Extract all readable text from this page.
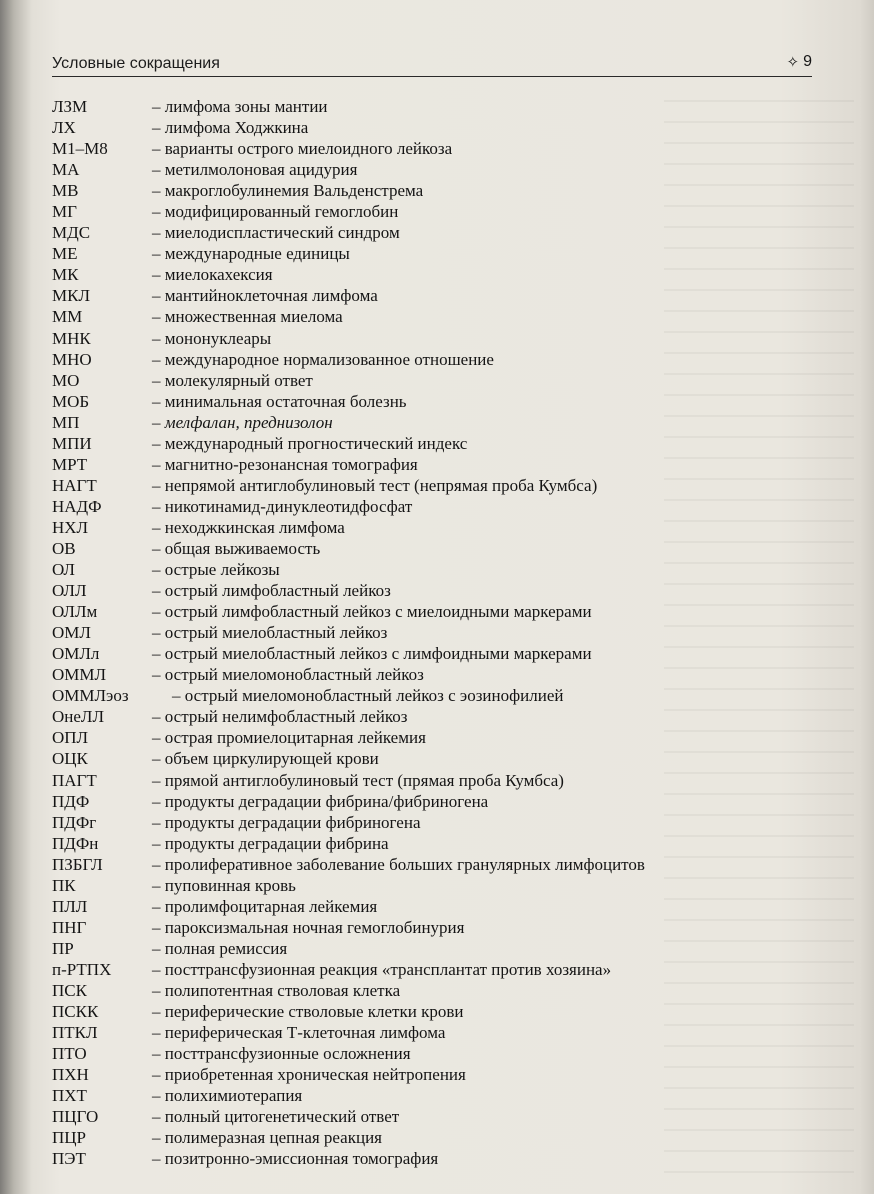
Условные сокращения	✧ 9
ЛЗМ	– лимфома зоны мантии
ЛХ	– лимфома Ходжкина
М1–М8	– варианты острого миелоидного лейкоза
МА	– метилмолоновая ацидурия
МВ	– макроглобулинемия Вальденстрема
МГ	– модифицированный гемоглобин
МДС	– миелодиспластический синдром
МЕ	– международные единицы
МК	– миелокахексия
МКЛ	– мантийноклеточная лимфома
ММ	– множественная миелома
МНК	– мононуклеары
МНО	– международное нормализованное отношение
МО	– молекулярный ответ
МОБ	– минимальная остаточная болезнь
МП	– мелфалан, преднизолон
МПИ	– международный прогностический индекс
МРТ	– магнитно-резонансная томография
НАГТ	– непрямой антиглобулиновый тест (непрямая проба Кумбса)
НАДФ	– никотинамид-динуклеотидфосфат
НХЛ	– неходжкинская лимфома
ОВ	– общая выживаемость
ОЛ	– острые лейкозы
ОЛЛ	– острый лимфобластный лейкоз
ОЛЛм	– острый лимфобластный лейкоз с миелоидными маркерами
ОМЛ	– острый миелобластный лейкоз
ОМЛл	– острый миелобластный лейкоз с лимфоидными маркерами
ОММЛ	– острый миеломонобластный лейкоз
ОММЛэоз	– острый миеломонобластный лейкоз с эозинофилией
ОнеЛЛ	– острый нелимфобластный лейкоз
ОПЛ	– острая промиелоцитарная лейкемия
ОЦК	– объем циркулирующей крови
ПАГТ	– прямой антиглобулиновый тест (прямая проба Кумбса)
ПДФ	– продукты деградации фибрина/фибриногена
ПДФг	– продукты деградации фибриногена
ПДФн	– продукты деградации фибрина
ПЗБГЛ	– пролиферативное заболевание больших гранулярных лимфоцитов
ПК	– пуповинная кровь
ПЛЛ	– пролимфоцитарная лейкемия
ПНГ	– пароксизмальная ночная гемоглобинурия
ПР	– полная ремиссия
п-РТПХ – посттрансфузионная реакция «трансплантат против хозяина»
ПСК	– полипотентная стволовая клетка
ПСКК	– периферические стволовые клетки крови
ПТКЛ	– периферическая Т-клеточная лимфома
ПТО	– посттрансфузионные осложнения
ПХН	– приобретенная хроническая нейтропения
ПХТ	– полихимиотерапия
ПЦГО	– полный цитогенетический ответ
ПЦР	– полимеразная цепная реакция
ПЭТ	– позитронно-эмиссионная томография
